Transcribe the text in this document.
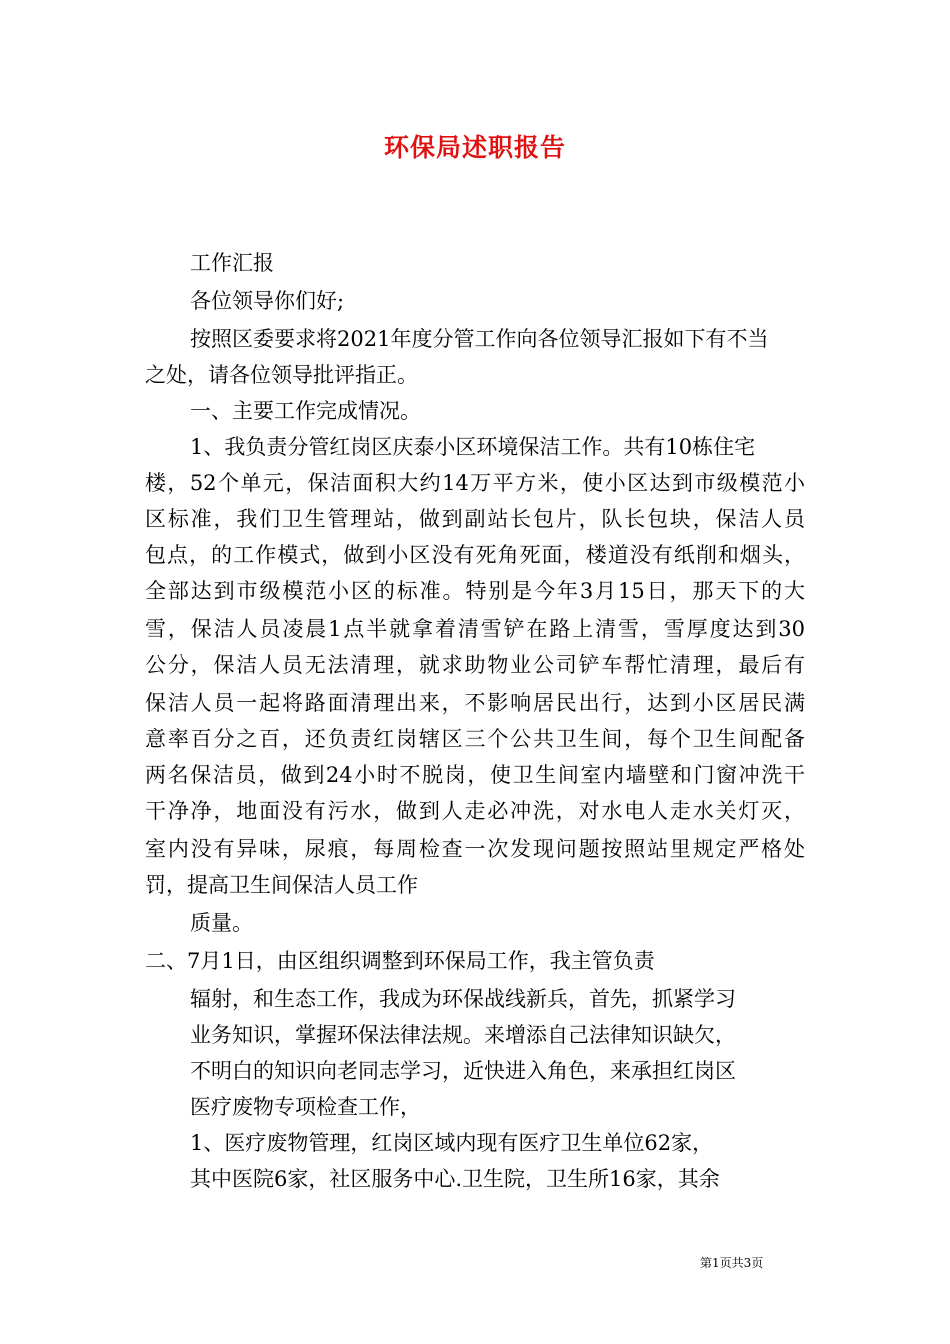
环保局述职报告
工作汇报
各位领导你们好;
按照区委要求将2021年度分管工作向各位领导汇报如下有不当
之处，请各位领导批评指正。
一、主要工作完成情况。
1、我负责分管红岗区庆泰小区环境保洁工作。共有10栋住宅
楼，52个单元，保洁面积大约14万平方米，使小区达到市级模范小
区标准，我们卫生管理站，做到副站长包片，队长包块，保洁人员
包点，的工作模式，做到小区没有死角死面，楼道没有纸削和烟头，
全部达到市级模范小区的标准。特别是今年3月15日，那天下的大
雪，保洁人员凌晨1点半就拿着清雪铲在路上清雪，雪厚度达到30
公分，保洁人员无法清理，就求助物业公司铲车帮忙清理，最后有
保洁人员一起将路面清理出来，不影响居民出行，达到小区居民满
意率百分之百，还负责红岗辖区三个公共卫生间，每个卫生间配备
两名保洁员，做到24小时不脱岗，使卫生间室内墙壁和门窗冲洗干
干净净，地面没有污水，做到人走必冲洗，对水电人走水关灯灭，
室内没有异味，尿痕，每周检查一次发现问题按照站里规定严格处
罚，提高卫生间保洁人员工作
质量。
二、7月1日，由区组织调整到环保局工作，我主管负责
辐射，和生态工作，我成为环保战线新兵，首先，抓紧学习
业务知识，掌握环保法律法规。来增添自己法律知识缺欠，
不明白的知识向老同志学习，近快进入角色，来承担红岗区
医疗废物专项检查工作，
1、医疗废物管理，红岗区域内现有医疗卫生单位62家，
其中医院6家，社区服务中心.卫生院，卫生所16家，其余
第1页共3页
